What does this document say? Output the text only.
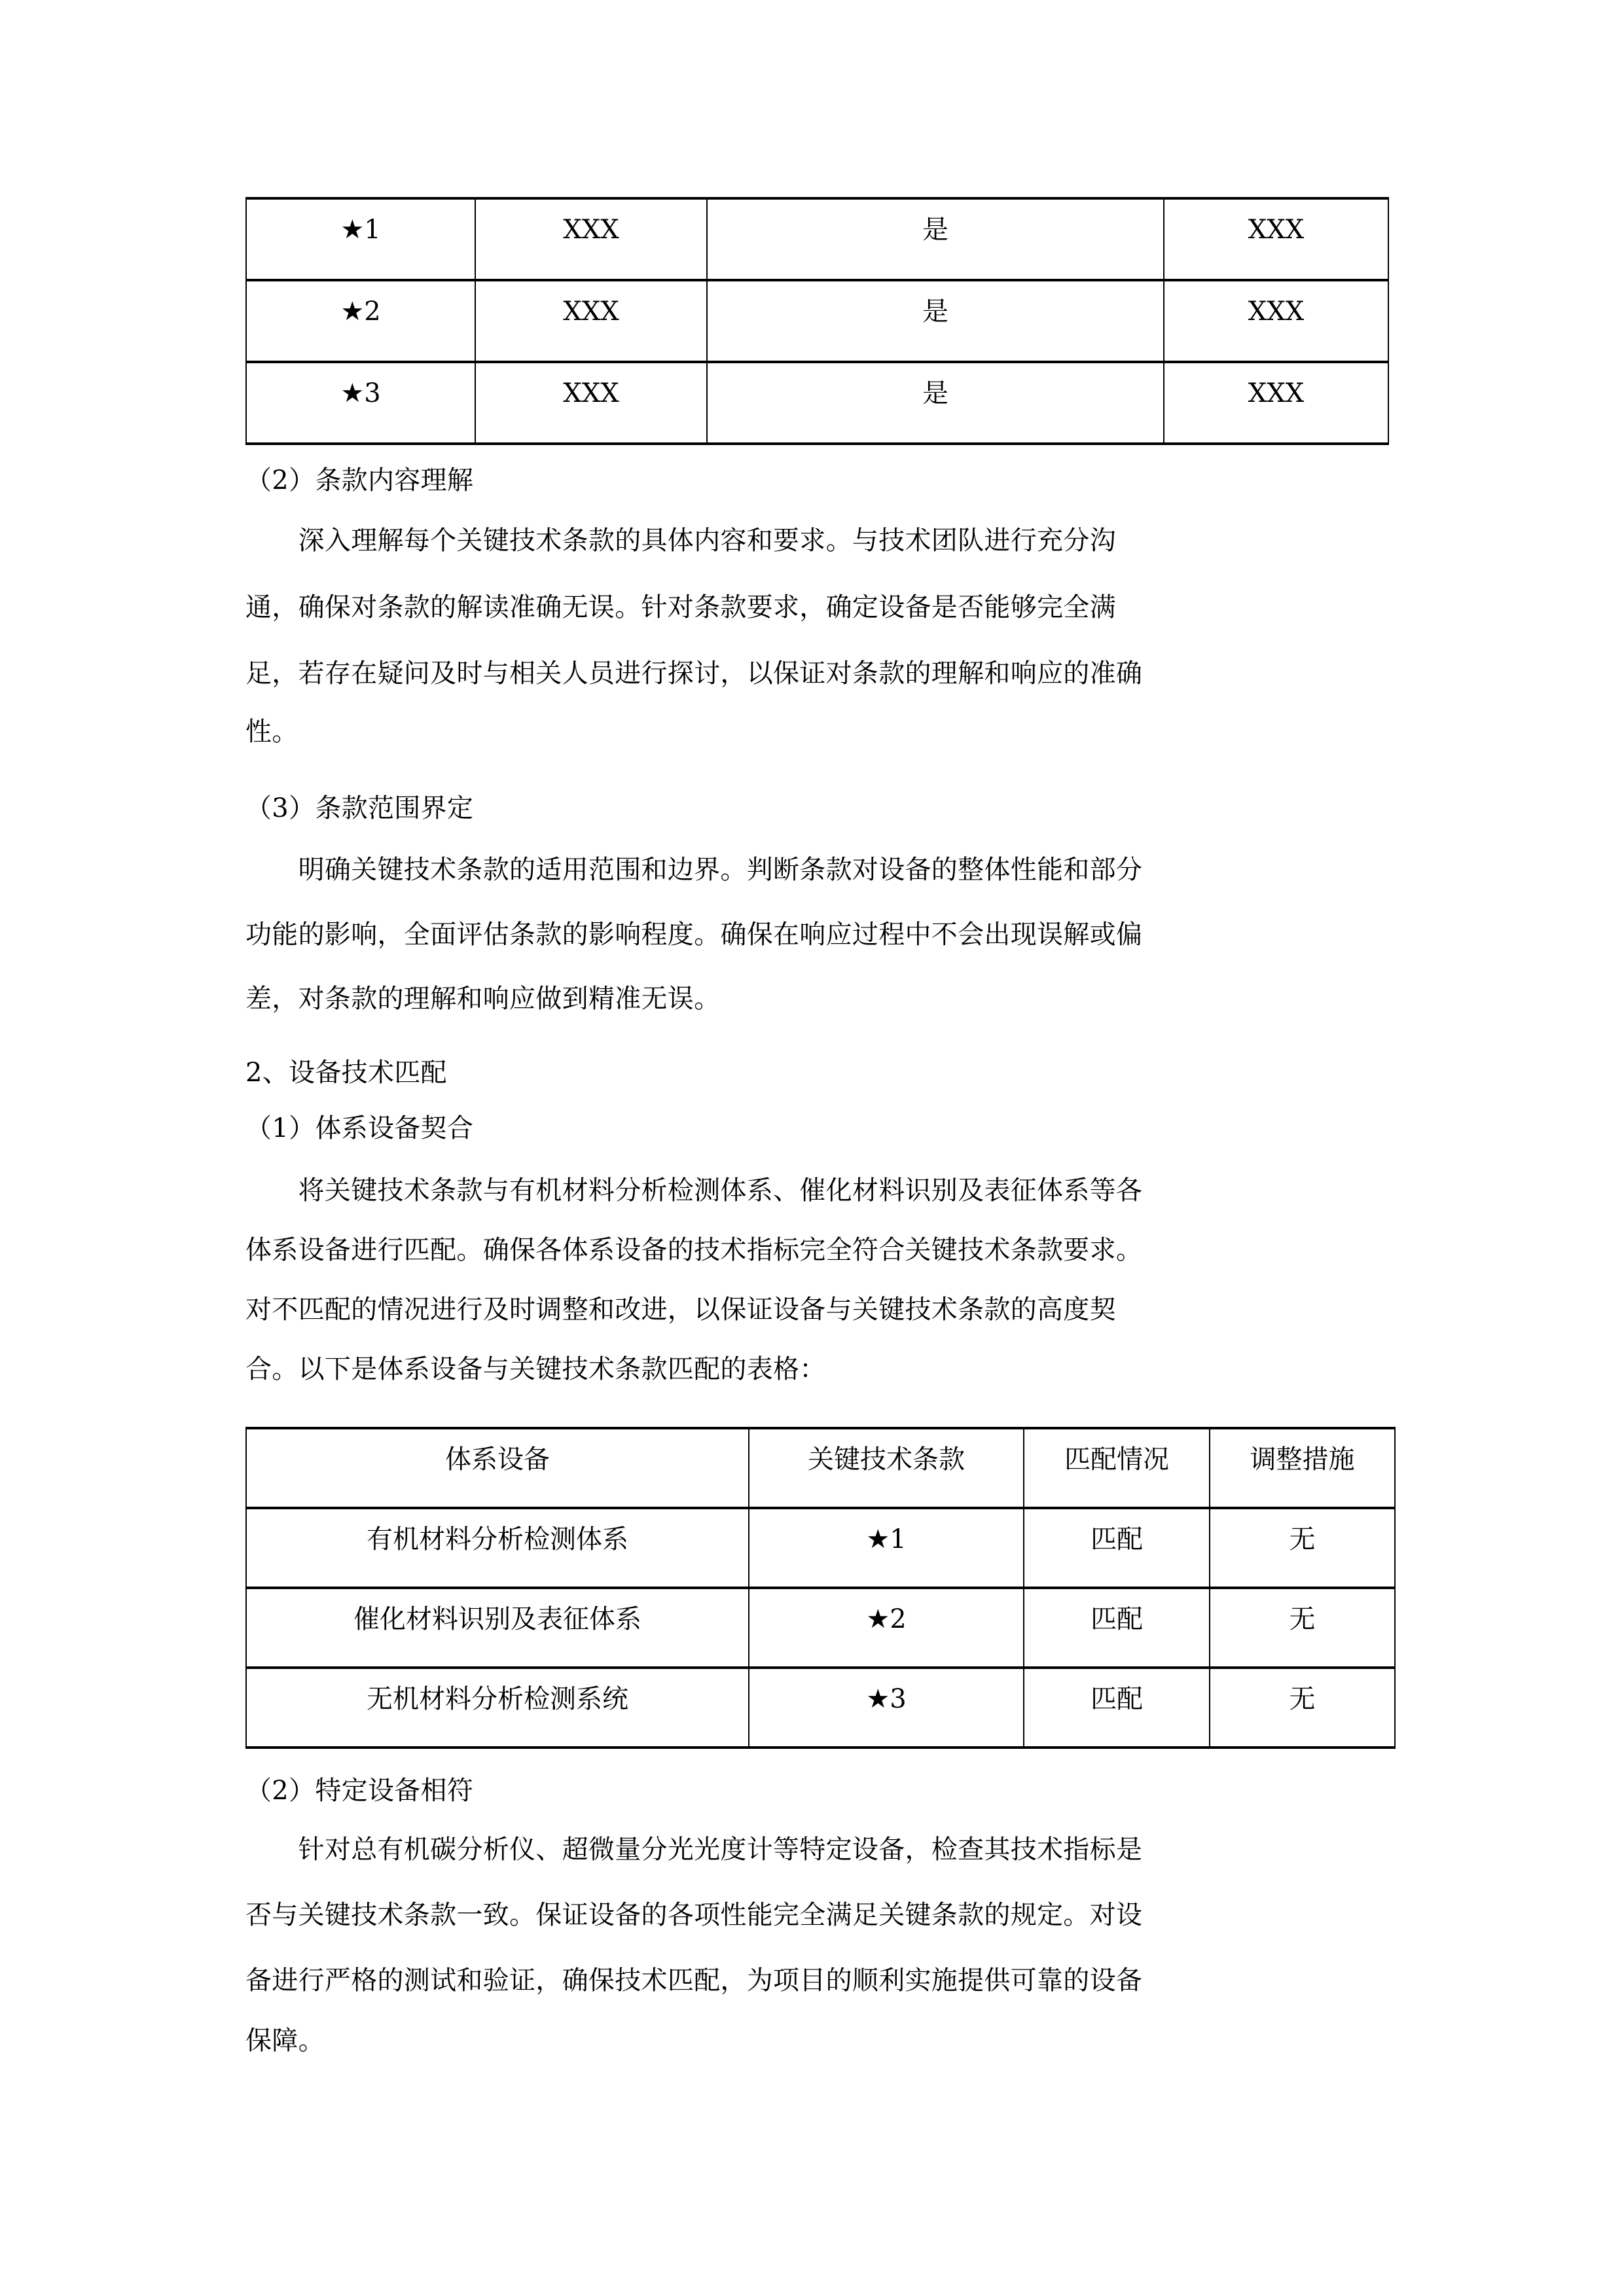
★1	XXX	是	XXX
★2	XXX	是	XXX
★3	XXX	是	XXX
（2）条款内容理解
　　深入理解每个关键技术条款的具体内容和要求。与技术团队进行充分沟
通，确保对条款的解读准确无误。针对条款要求，确定设备是否能够完全满
足，若存在疑问及时与相关人员进行探讨，以保证对条款的理解和响应的准确
性。
（3）条款范围界定
　　明确关键技术条款的适用范围和边界。判断条款对设备的整体性能和部分
功能的影响，全面评估条款的影响程度。确保在响应过程中不会出现误解或偏
差，对条款的理解和响应做到精准无误。
2、设备技术匹配
（1）体系设备契合
　　将关键技术条款与有机材料分析检测体系、催化材料识别及表征体系等各
体系设备进行匹配。确保各体系设备的技术指标完全符合关键技术条款要求。
对不匹配的情况进行及时调整和改进，以保证设备与关键技术条款的高度契
合。以下是体系设备与关键技术条款匹配的表格：
体系设备	关键技术条款	匹配情况	调整措施
有机材料分析检测体系	★1	匹配	无
催化材料识别及表征体系	★2	匹配	无
无机材料分析检测系统	★3	匹配	无
（2）特定设备相符
　　针对总有机碳分析仪、超微量分光光度计等特定设备，检查其技术指标是
否与关键技术条款一致。保证设备的各项性能完全满足关键条款的规定。对设
备进行严格的测试和验证，确保技术匹配，为项目的顺利实施提供可靠的设备
保障。
